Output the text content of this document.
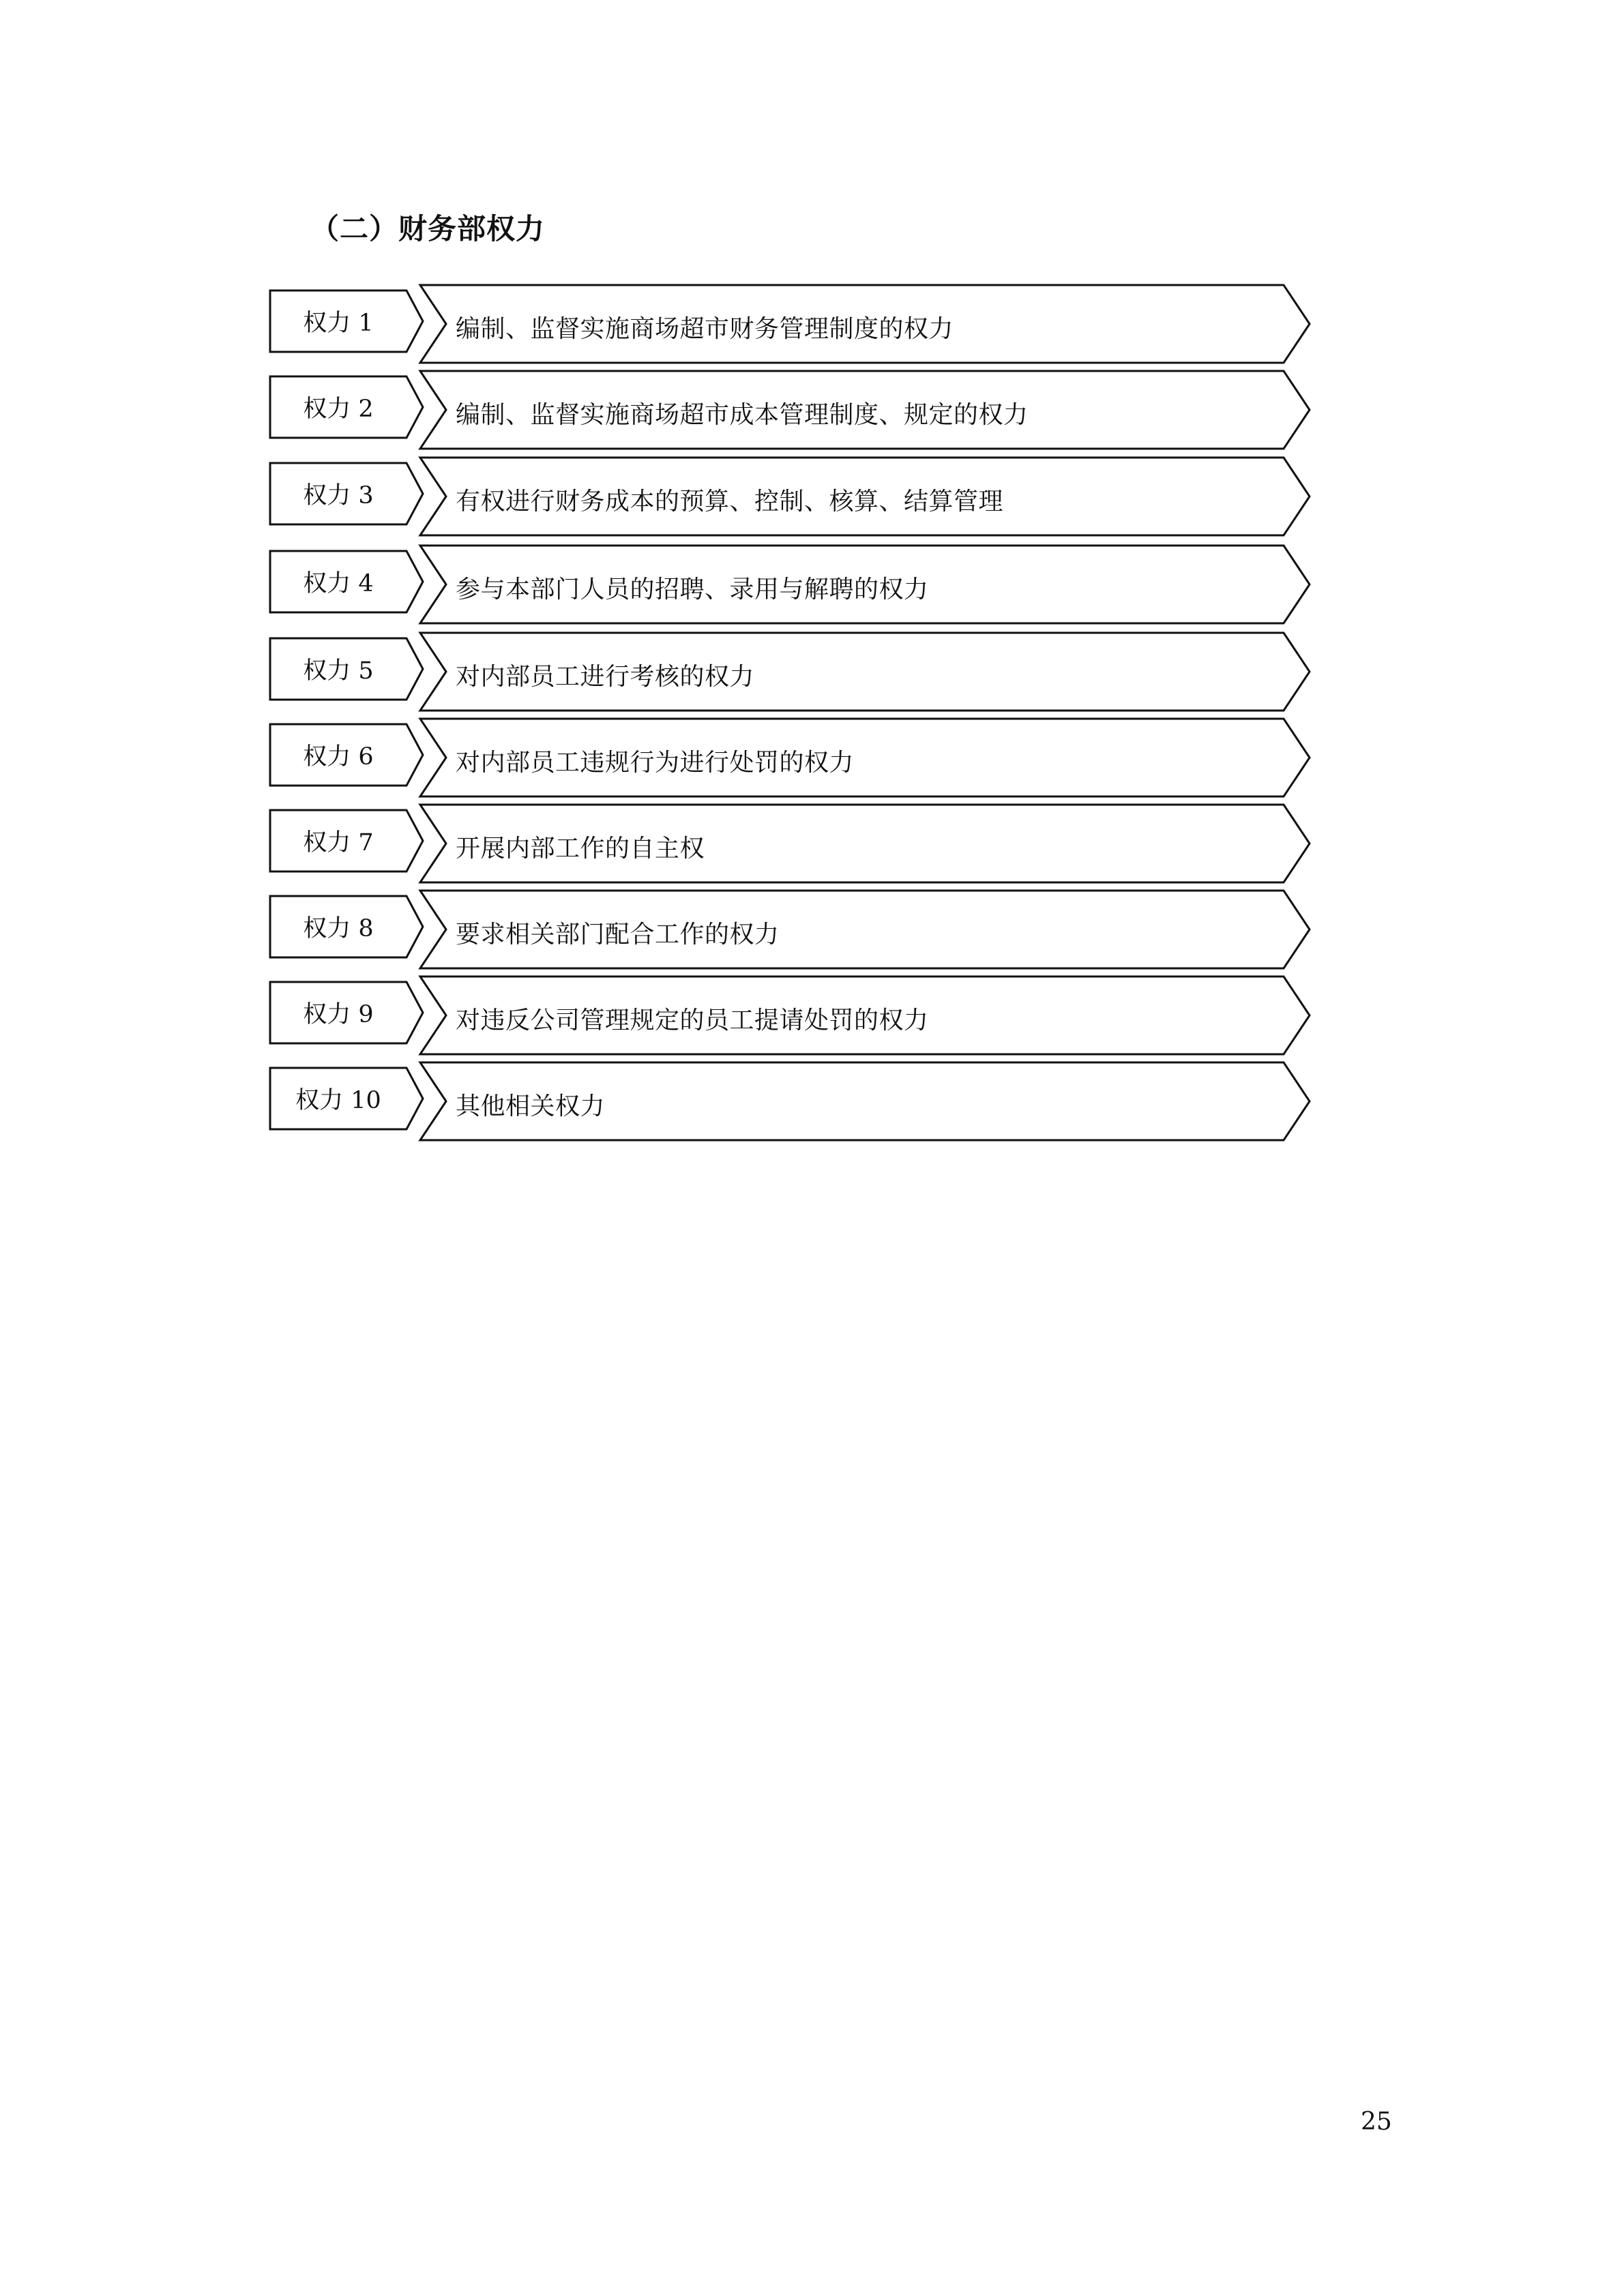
（二）财务部权力
权力 1	编制、监督实施商场超市财务管理制度的权力
权力 2	编制、监督实施商场超市成本管理制度、规定的权力
权力 3	有权进行财务成本的预算、控制、核算、结算管理
权力 4	参与本部门人员的招聘、录用与解聘的权力
权力 5	对内部员工进行考核的权力
权力 6	对内部员工违规行为进行处罚的权力
权力 7	开展内部工作的自主权
权力 8	要求相关部门配合工作的权力
权力 9	对违反公司管理规定的员工提请处罚的权力
权力 10	其他相关权力
25
